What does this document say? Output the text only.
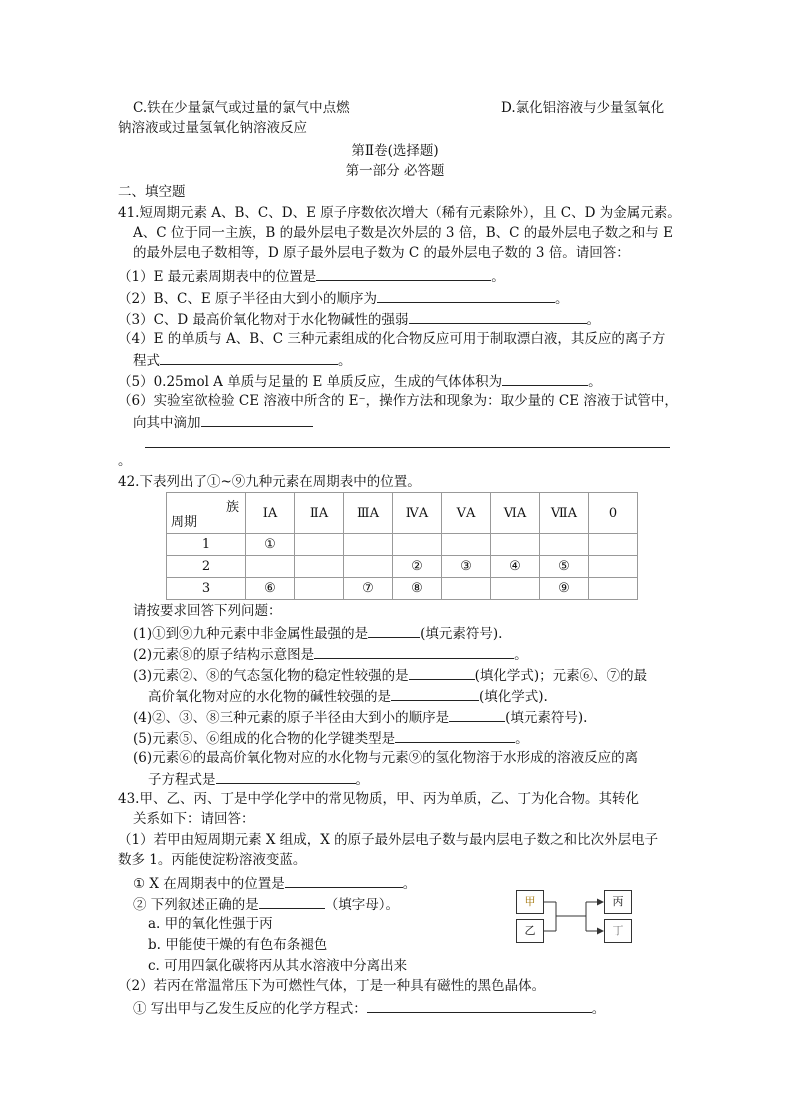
C.铁在少量氯气或过量的氯气中点燃	D.氯化铝溶液与少量氢氧化
钠溶液或过量氢氧化钠溶液反应
第Ⅱ卷(选择题)
第一部分 必答题
二、填空题
41.短周期元素 A、B、C、D、E 原子序数依次增大（稀有元素除外），且 C、D 为金属元素。
A、C 位于同一主族，B 的最外层电子数是次外层的 3 倍，B、C 的最外层电子数之和与 E
的最外层电子数相等，D 原子最外层电子数为 C 的最外层电子数的 3 倍。请回答：
（1）E 最元素周期表中的位置是	。
（2）B、C、E 原子半径由大到小的顺序为	。
（3）C、D 最高价氧化物对于水化物碱性的强弱	。
（4）E 的单质与 A、B、C 三种元素组成的化合物反应可用于制取漂白液，其反应的离子方
程式	。
（5）0.25mol A 单质与足量的 E 单质反应，生成的气体体积为	。
（6）实验室欲检验 CE 溶液中所含的 E⁻，操作方法和现象为：取少量的 CE 溶液于试管中，
向其中滴加
。
42.下表列出了①~⑨九种元素在周期表中的位置。
族
周期	ⅠA	ⅡA	ⅢA	ⅣA	ⅤA	ⅥA	ⅦA	0
1	①							
2				②	③	④	⑤	
3	⑥		⑦	⑧			⑨	
请按要求回答下列问题：
(1)①到⑨九种元素中非金属性最强的是	(填元素符号).
(2)元素⑧的原子结构示意图是	。
(3)元素②、⑧的气态氢化物的稳定性较强的是	(填化学式)；元素⑥、⑦的最
高价氧化物对应的水化物的碱性较强的是	(填化学式).
(4)②、③、⑧三种元素的原子半径由大到小的顺序是	(填元素符号).
(5)元素⑤、⑥组成的化合物的化学键类型是	。
(6)元素⑥的最高价氧化物对应的水化物与元素⑨的氢化物溶于水形成的溶液反应的离
子方程式是	。
43.甲、乙、丙、丁是中学化学中的常见物质，甲、丙为单质，乙、丁为化合物。其转化
关系如下：请回答：
（1）若甲由短周期元素 X 组成，X 的原子最外层电子数与最内层电子数之和比次外层电子
数多 1。丙能使淀粉溶液变蓝。
① X 在周期表中的位置是	。
② 下列叙述正确的是	（填字母）。
a. 甲的氧化性强于丙
b. 甲能使干燥的有色布条褪色
c. 可用四氯化碳将丙从其水溶液中分离出来
（2）若丙在常温常压下为可燃性气体，丁是一种具有磁性的黑色晶体。
① 写出甲与乙发生反应的化学方程式：	。
甲
乙
丙
丁
